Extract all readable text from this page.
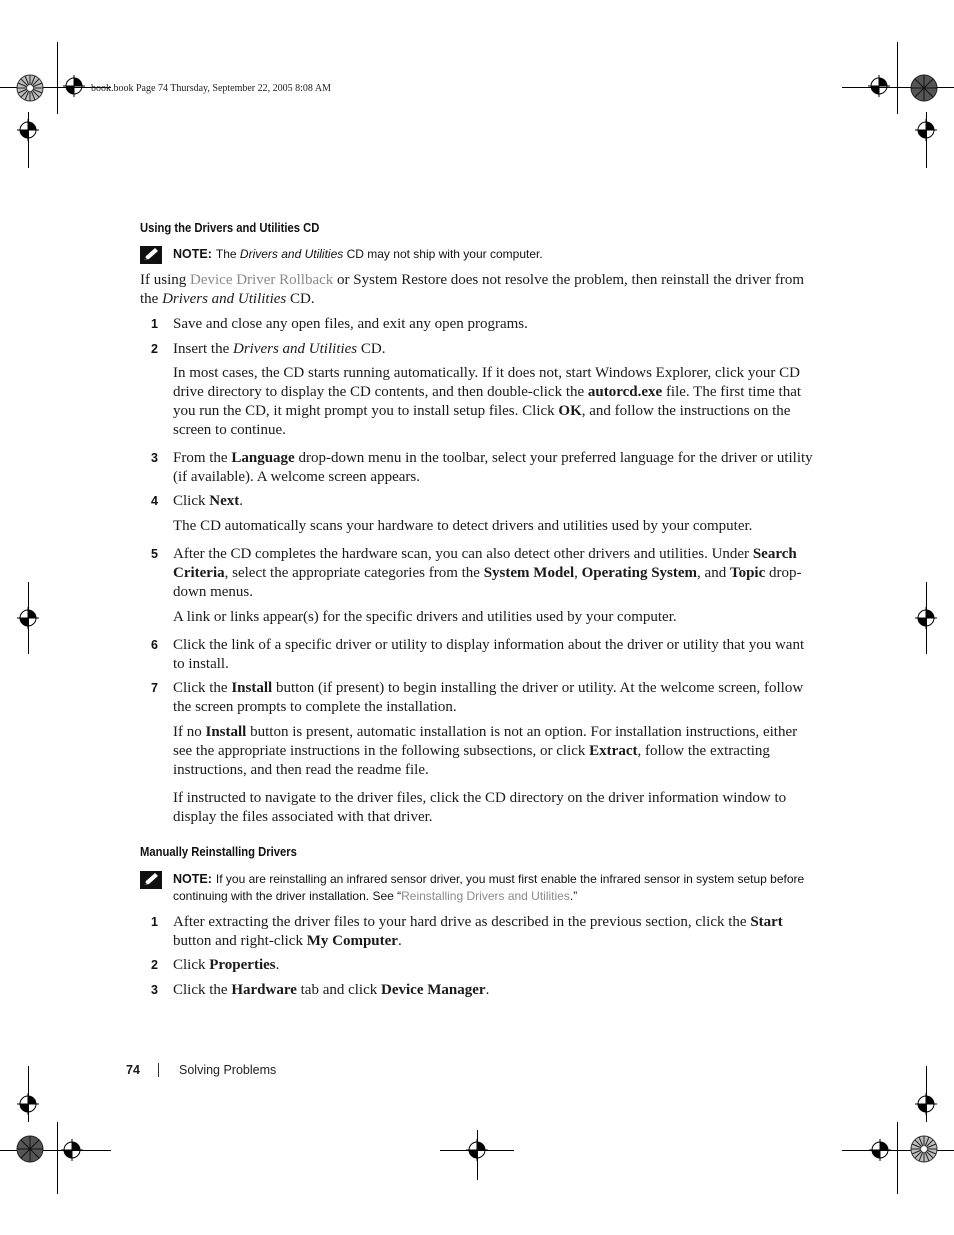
book.book Page 74 Thursday, September 22, 2005 8:08 AM
Using the Drivers and Utilities CD
NOTE: The Drivers and Utilities CD may not ship with your computer.
If using Device Driver Rollback or System Restore does not resolve the problem, then reinstall the driver from the Drivers and Utilities CD.
1 Save and close any open files, and exit any open programs.
2 Insert the Drivers and Utilities CD.
In most cases, the CD starts running automatically. If it does not, start Windows Explorer, click your CD drive directory to display the CD contents, and then double-click the autorcd.exe file. The first time that you run the CD, it might prompt you to install setup files. Click OK, and follow the instructions on the screen to continue.
3 From the Language drop-down menu in the toolbar, select your preferred language for the driver or utility (if available). A welcome screen appears.
4 Click Next.
The CD automatically scans your hardware to detect drivers and utilities used by your computer.
5 After the CD completes the hardware scan, you can also detect other drivers and utilities. Under Search Criteria, select the appropriate categories from the System Model, Operating System, and Topic drop-down menus.
A link or links appear(s) for the specific drivers and utilities used by your computer.
6 Click the link of a specific driver or utility to display information about the driver or utility that you want to install.
7 Click the Install button (if present) to begin installing the driver or utility. At the welcome screen, follow the screen prompts to complete the installation.
If no Install button is present, automatic installation is not an option. For installation instructions, either see the appropriate instructions in the following subsections, or click Extract, follow the extracting instructions, and then read the readme file.
If instructed to navigate to the driver files, click the CD directory on the driver information window to display the files associated with that driver.
Manually Reinstalling Drivers
NOTE: If you are reinstalling an infrared sensor driver, you must first enable the infrared sensor in system setup before continuing with the driver installation. See “Reinstalling Drivers and Utilities.”
1 After extracting the driver files to your hard drive as described in the previous section, click the Start button and right-click My Computer.
2 Click Properties.
3 Click the Hardware tab and click Device Manager.
74	Solving Problems
